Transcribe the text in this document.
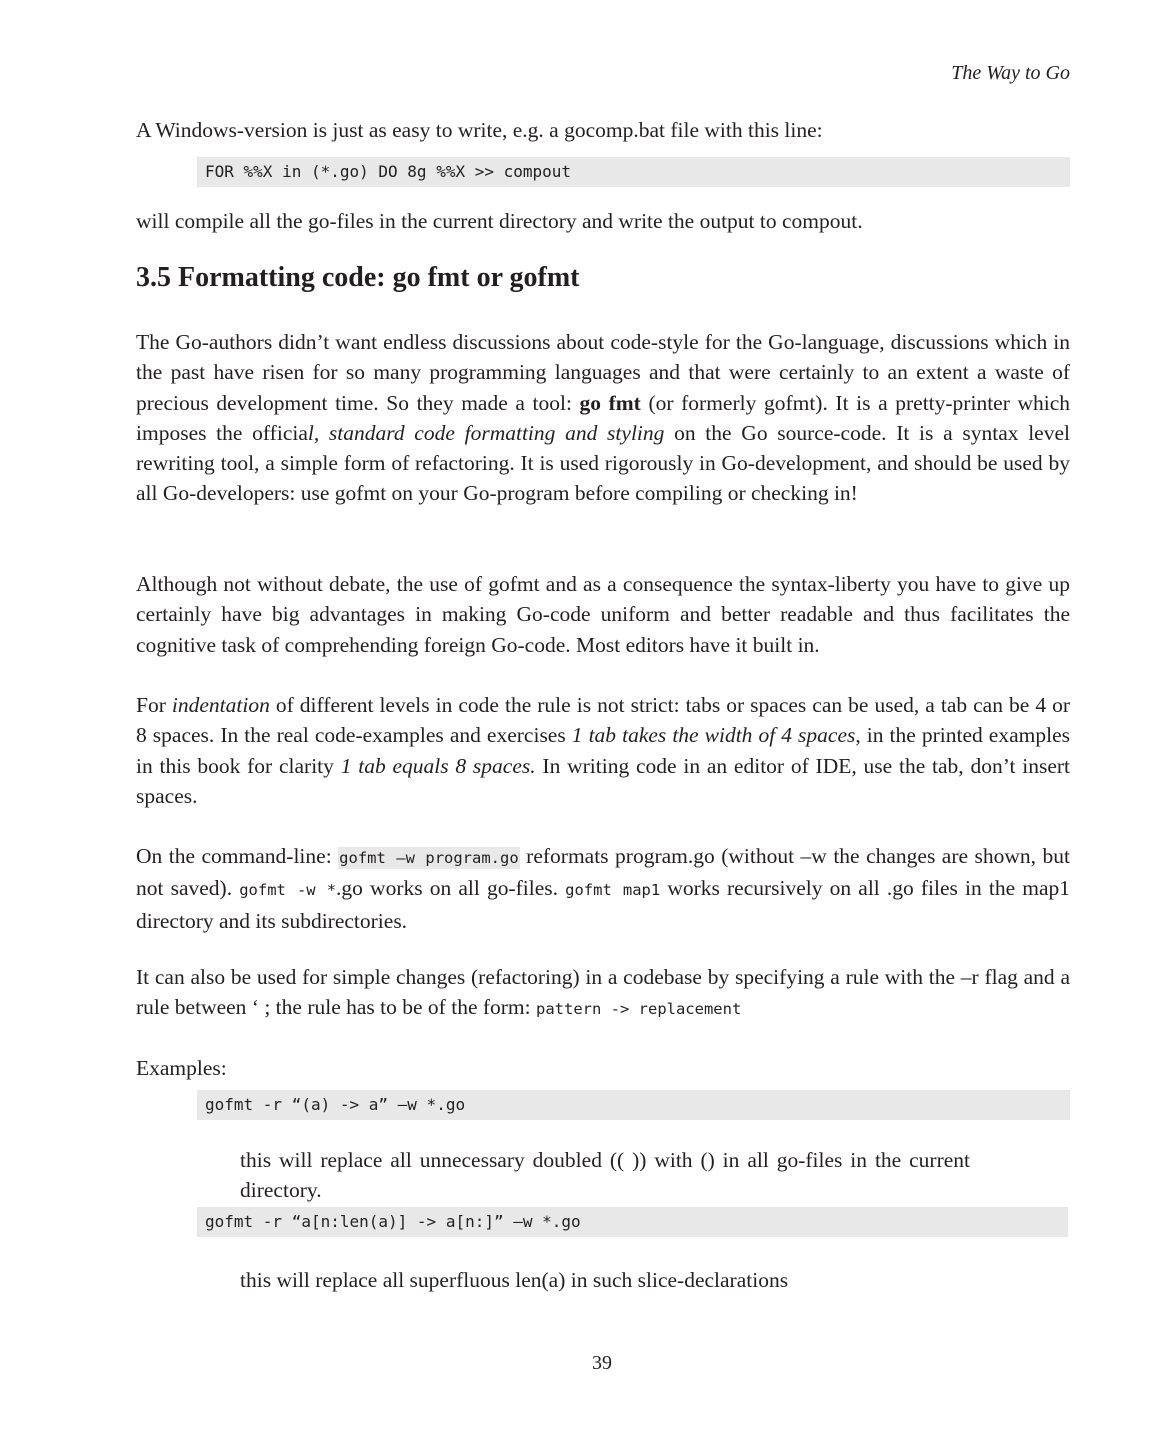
The Way to Go
A Windows-version is just as easy to write, e.g. a gocomp.bat file with this line:
FOR %%X in (*.go) DO 8g %%X >> compout
will compile all the go-files in the current directory and write the output to compout.
3.5 Formatting code: go fmt or gofmt
The Go-authors didn’t want endless discussions about code-style for the Go-language, discussions which in the past have risen for so many programming languages and that were certainly to an extent a waste of precious development time. So they made a tool: go fmt (or formerly gofmt). It is a pretty-printer which imposes the official, standard code formatting and styling on the Go source-code. It is a syntax level rewriting tool, a simple form of refactoring. It is used rigorously in Go-development, and should be used by all Go-developers: use gofmt on your Go-program before compiling or checking in!
Although not without debate, the use of gofmt and as a consequence the syntax-liberty you have to give up certainly have big advantages in making Go-code uniform and better readable and thus facilitates the cognitive task of comprehending foreign Go-code. Most editors have it built in.
For indentation of different levels in code the rule is not strict: tabs or spaces can be used, a tab can be 4 or 8 spaces. In the real code-examples and exercises 1 tab takes the width of 4 spaces, in the printed examples in this book for clarity 1 tab equals 8 spaces. In writing code in an editor of IDE, use the tab, don’t insert spaces.
On the command-line: gofmt –w program.go reformats program.go (without –w the changes are shown, but not saved). gofmt -w *.go works on all go-files. gofmt map1 works recursively on all .go files in the map1 directory and its subdirectories.
It can also be used for simple changes (refactoring) in a codebase by specifying a rule with the –r flag and a rule between ‘ ; the rule has to be of the form: pattern -> replacement
Examples:
gofmt -r “(a) -> a” –w *.go
this will replace all unnecessary doubled (( )) with () in all go-files in the current directory.
gofmt -r “a[n:len(a)] -> a[n:]” –w *.go
this will replace all superfluous len(a) in such slice-declarations
39
